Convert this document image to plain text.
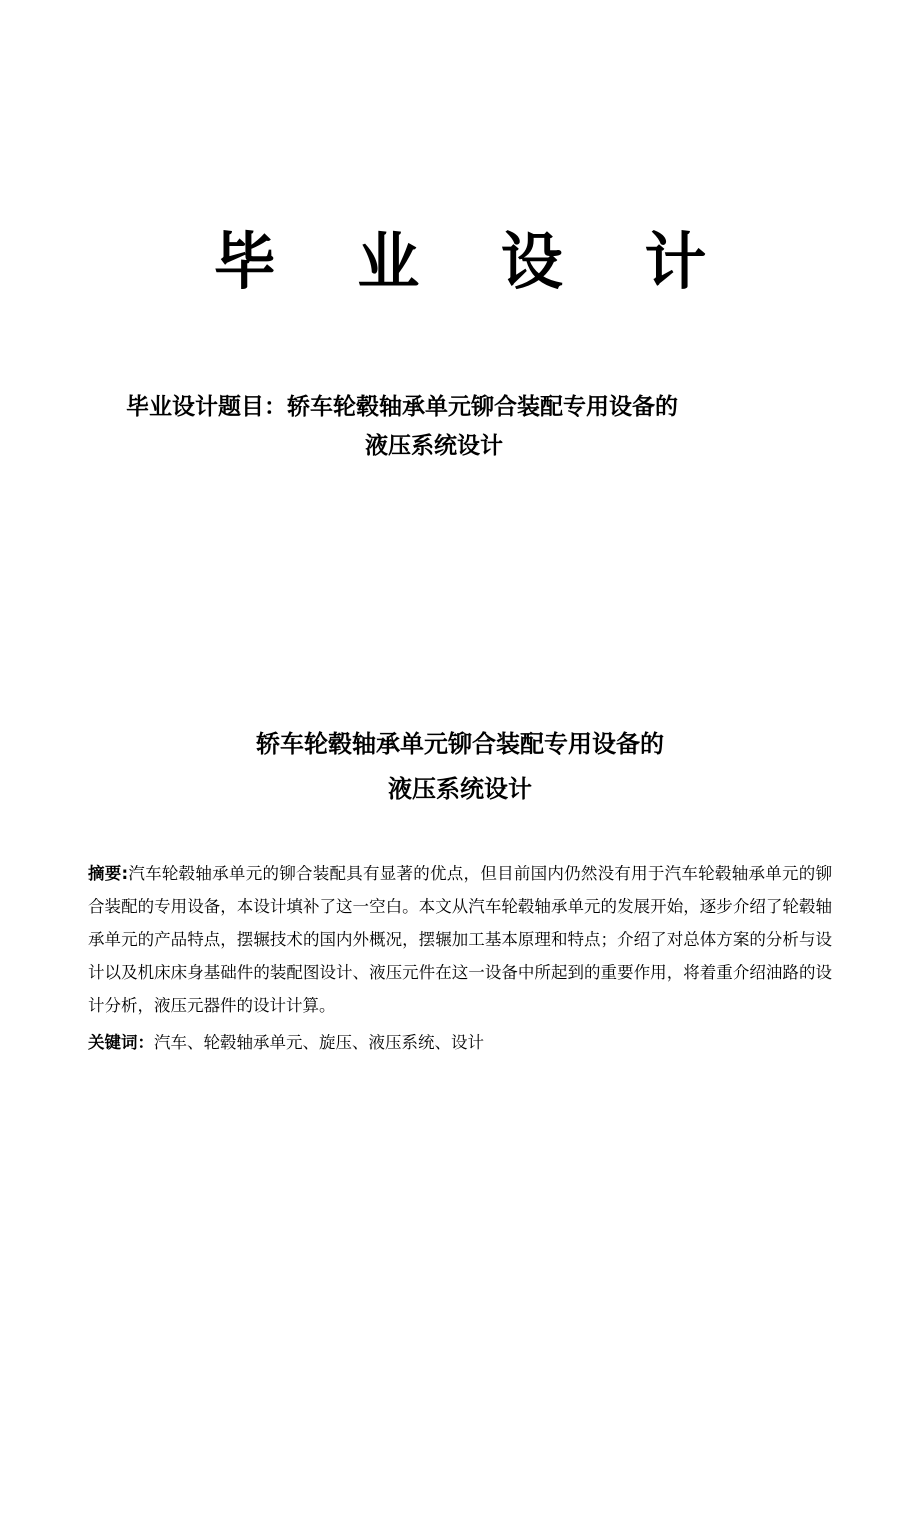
毕 业 设 计
毕业设计题目：轿车轮毂轴承单元铆合装配专用设备的
液压系统设计
轿车轮毂轴承单元铆合装配专用设备的
液压系统设计
摘要:汽车轮毂轴承单元的铆合装配具有显著的优点，但目前国内仍然没有用于汽车轮毂轴承单元的铆合装配的专用设备，本设计填补了这一空白。本文从汽车轮毂轴承单元的发展开始，逐步介绍了轮毂轴承单元的产品特点，摆辗技术的国内外概况，摆辗加工基本原理和特点；介绍了对总体方案的分析与设计以及机床床身基础件的装配图设计、液压元件在这一设备中所起到的重要作用，将着重介绍油路的设计分析，液压元器件的设计计算。
关键词：汽车、轮毂轴承单元、旋压、液压系统、设计
